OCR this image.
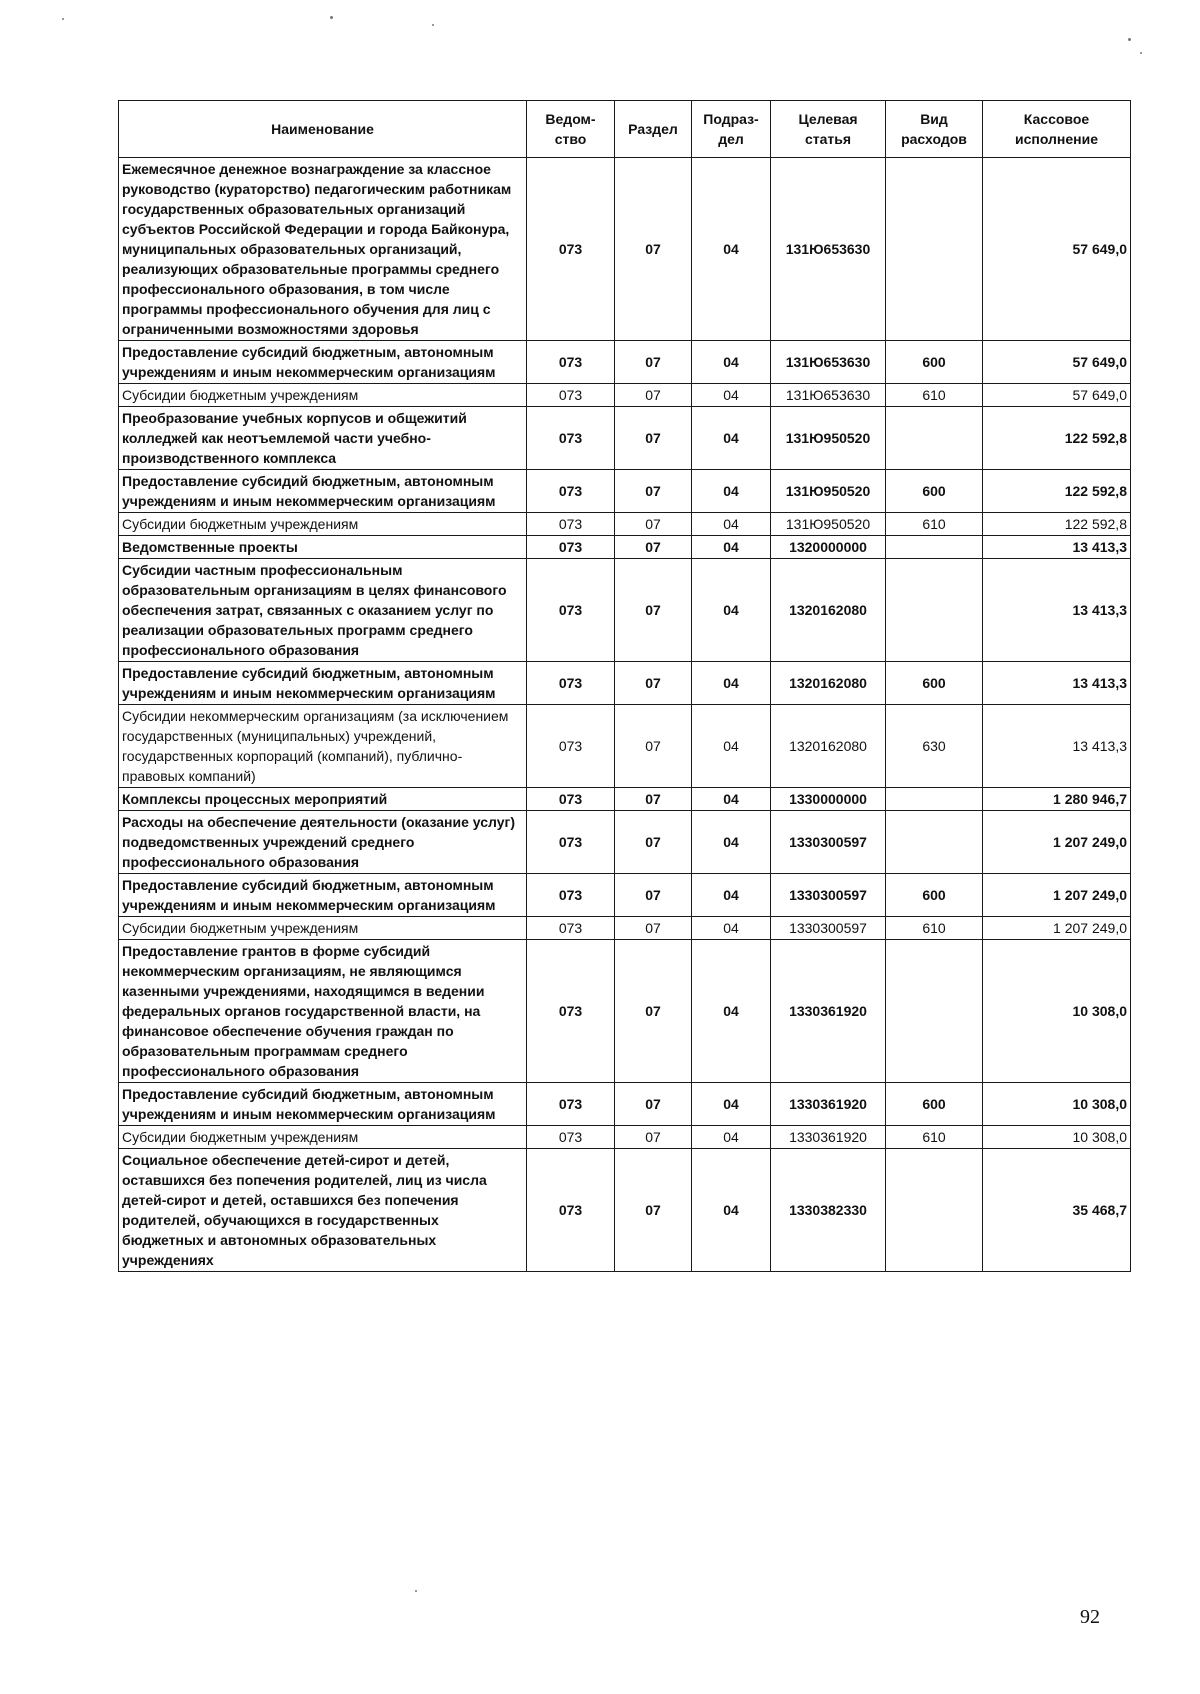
Наименование	Ведом-ство	Раздел	Подраз-дел	Целевая статья	Вид расходов	Кассовое исполнение
Ежемесячное денежное вознаграждение за классное руководство (кураторство) педагогическим работникам государственных образовательных организаций субъектов Российской Федерации и города Байконура, муниципальных образовательных организаций, реализующих образовательные программы среднего профессионального образования, в том числе программы профессионального обучения для лиц с ограниченными возможностями здоровья	073	07	04	131Ю653630		57 649,0
Предоставление субсидий бюджетным, автономным учреждениям и иным некоммерческим организациям	073	07	04	131Ю653630	600	57 649,0
Субсидии бюджетным учреждениям	073	07	04	131Ю653630	610	57 649,0
Преобразование учебных корпусов и общежитий колледжей как неотъемлемой части учебно-производственного комплекса	073	07	04	131Ю950520		122 592,8
Предоставление субсидий бюджетным, автономным учреждениям и иным некоммерческим организациям	073	07	04	131Ю950520	600	122 592,8
Субсидии бюджетным учреждениям	073	07	04	131Ю950520	610	122 592,8
Ведомственные проекты	073	07	04	1320000000		13 413,3
Субсидии частным профессиональным образовательным организациям в целях финансового обеспечения затрат, связанных с оказанием услуг по реализации образовательных программ среднего профессионального образования	073	07	04	1320162080		13 413,3
Предоставление субсидий бюджетным, автономным учреждениям и иным некоммерческим организациям	073	07	04	1320162080	600	13 413,3
Субсидии некоммерческим организациям (за исключением государственных (муниципальных) учреждений, государственных корпораций (компаний), публично-правовых компаний)	073	07	04	1320162080	630	13 413,3
Комплексы процессных мероприятий	073	07	04	1330000000		1 280 946,7
Расходы на обеспечение деятельности (оказание услуг) подведомственных учреждений среднего профессионального образования	073	07	04	1330300597		1 207 249,0
Предоставление субсидий бюджетным, автономным учреждениям и иным некоммерческим организациям	073	07	04	1330300597	600	1 207 249,0
Субсидии бюджетным учреждениям	073	07	04	1330300597	610	1 207 249,0
Предоставление грантов в форме субсидий некоммерческим организациям, не являющимся казенными учреждениями, находящимся в ведении федеральных органов государственной власти, на финансовое обеспечение обучения граждан по образовательным программам среднего профессионального образования	073	07	04	1330361920		10 308,0
Предоставление субсидий бюджетным, автономным учреждениям и иным некоммерческим организациям	073	07	04	1330361920	600	10 308,0
Субсидии бюджетным учреждениям	073	07	04	1330361920	610	10 308,0
Социальное обеспечение детей-сирот и детей, оставшихся без попечения родителей, лиц из числа детей-сирот и детей, оставшихся без попечения родителей, обучающихся в государственных бюджетных и автономных образовательных учреждениях	073	07	04	1330382330		35 468,7
92
